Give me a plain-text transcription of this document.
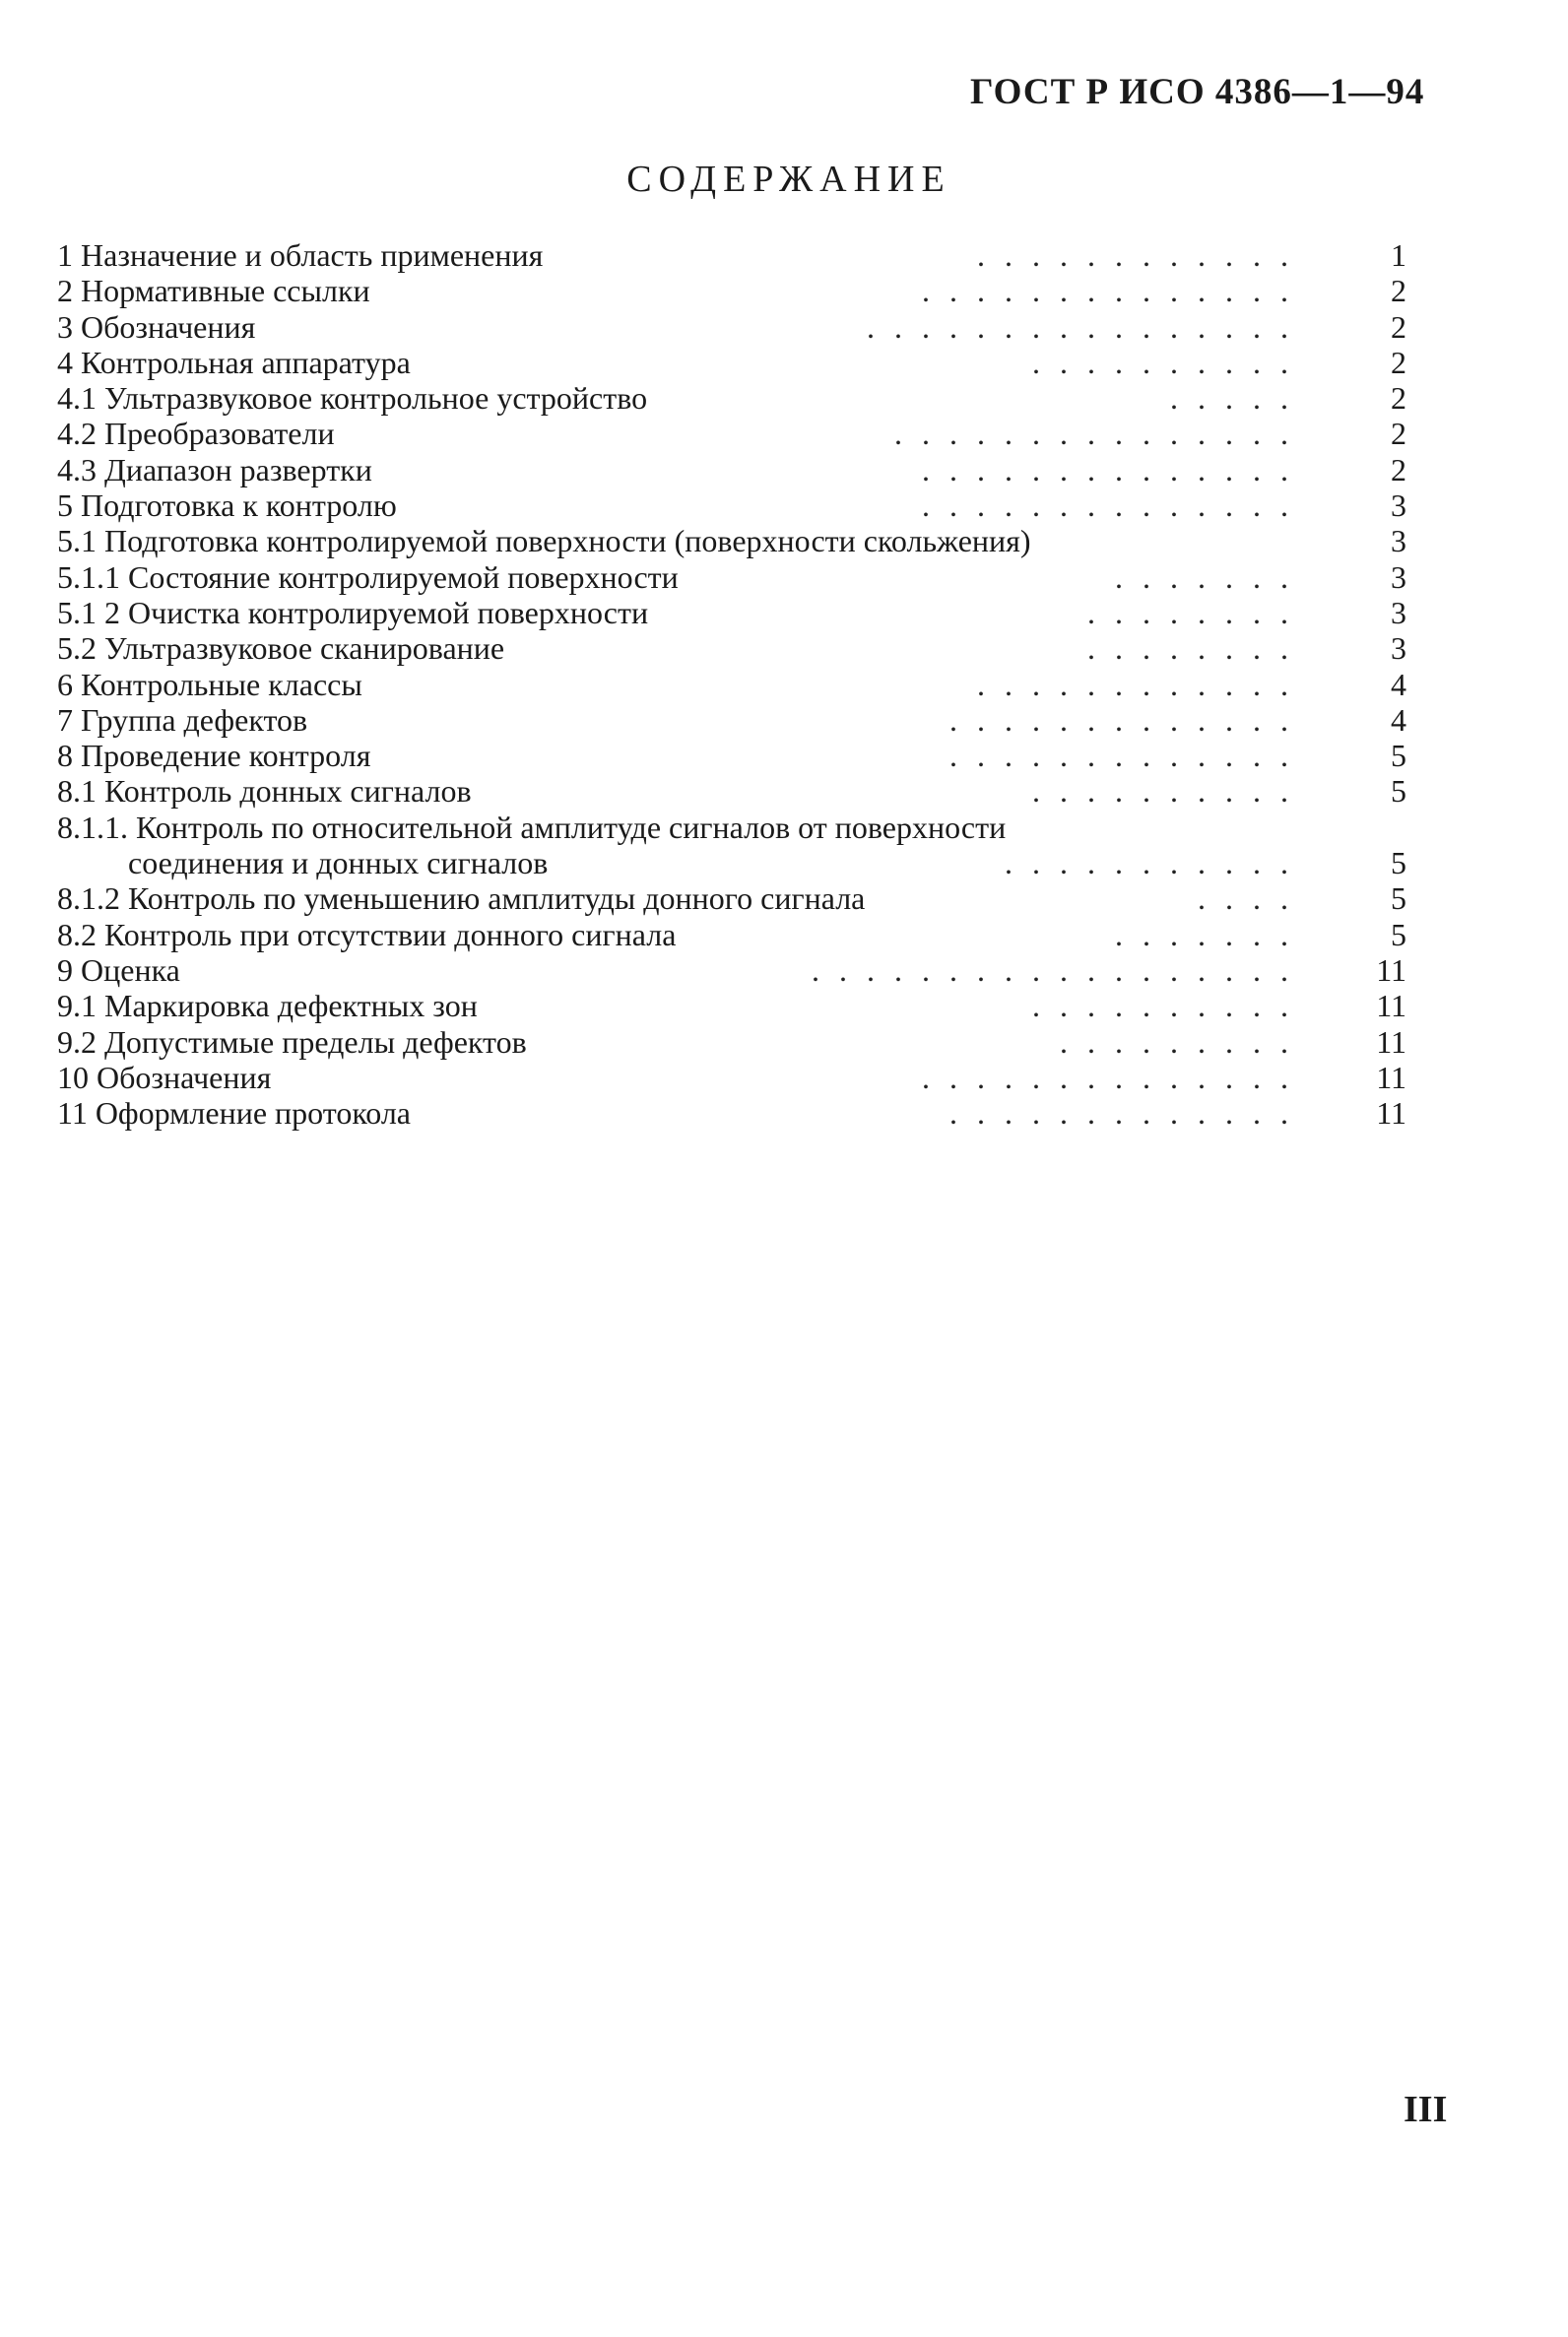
ГОСТ Р ИСО 4386—1—94
СОДЕРЖАНИЕ
1 Назначение и область применения	............	1
2 Нормативные ссылки	..............	2
3 Обозначения	................	2
4 Контрольная аппаратура	..........	2
4.1 Ультразвуковое контрольное устройство	.....	2
4.2 Преобразователи	...............	2
4.3 Диапазон развертки	..............	2
5 Подготовка к контролю	..............	3
5.1 Подготовка контролируемой поверхности (поверхности скольжения)	3
5.1.1 Состояние контролируемой поверхности	.......	3
5.1 2 Очистка контролируемой поверхности	........	3
5.2 Ультразвуковое сканирование	........	3
6 Контрольные классы	............	4
7 Группа дефектов	.............	4
8 Проведение контроля	.............	5
8.1 Контроль донных сигналов	..........	5
8.1.1. Контроль по относительной амплитуде сигналов от поверхности
соединения и донных сигналов	...........	5
8.1.2 Контроль по уменьшению амплитуды донного сигнала	....	5
8.2 Контроль при отсутствии донного сигнала	.......	5
9 Оценка	..................	11
9.1 Маркировка дефектных зон	..........	11
9.2 Допустимые пределы дефектов	.........	11
10 Обозначения	..............	11
11 Оформление протокола	.............	11
III
